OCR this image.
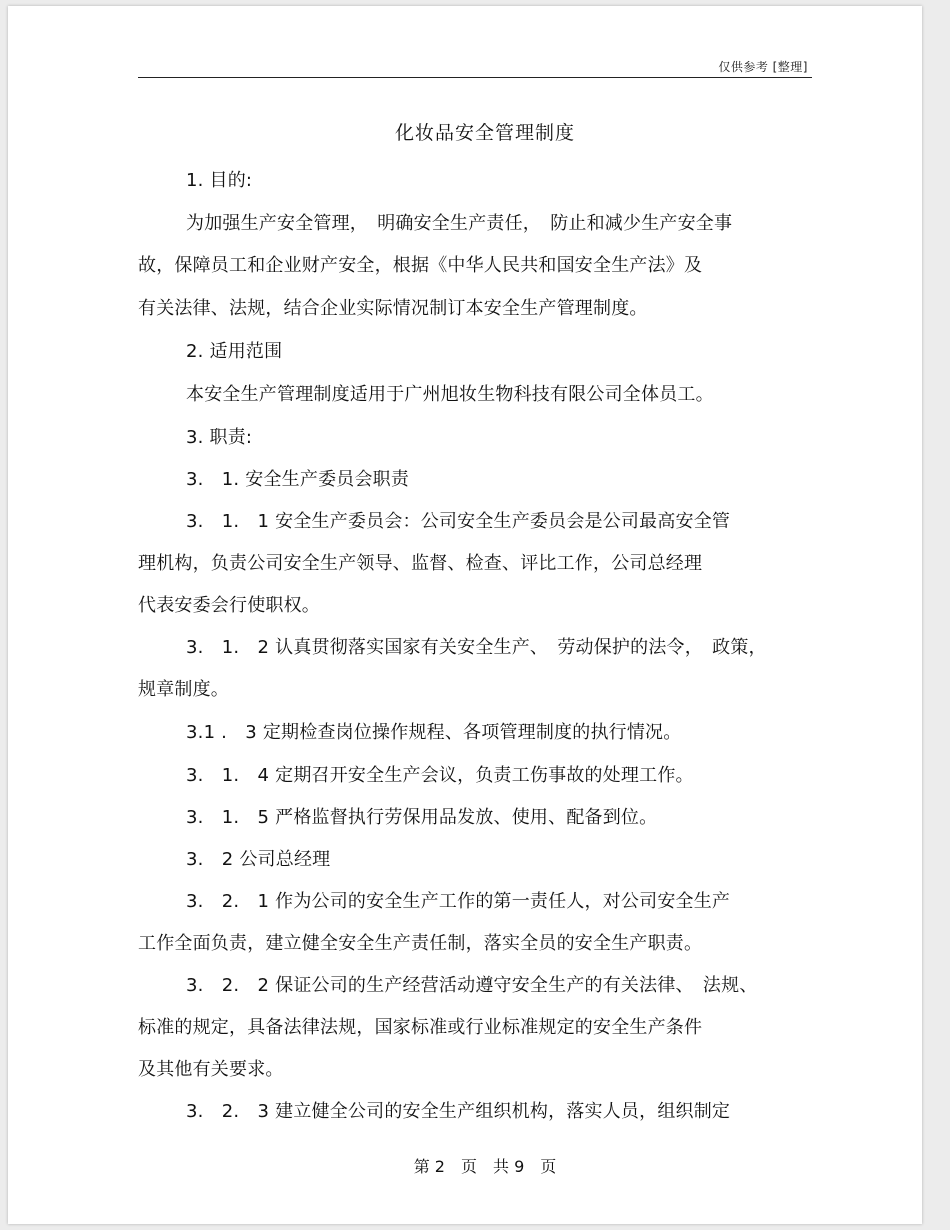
仅供参考 [整理]
化妆品安全管理制度
1. 目的:
为加强生产安全管理，　明确安全生产责任，　防止和减少生产安全事
故，保障员工和企业财产安全，根据《中华人民共和国安全生产法》及
有关法律、法规，结合企业实际情况制订本安全生产管理制度。
2. 适用范围
本安全生产管理制度适用于广州旭妆生物科技有限公司全体员工。
3. 职责:
3.　1. 安全生产委员会职责
3.　1.　1 安全生产委员会：公司安全生产委员会是公司最高安全管
理机构，负责公司安全生产领导、监督、检查、评比工作，公司总经理
代表安委会行使职权。
3.　1.　2 认真贯彻落实国家有关安全生产、　劳动保护的法令，　政策，
规章制度。
3.1 .　3 定期检查岗位操作规程、各项管理制度的执行情况。
3.　1.　4 定期召开安全生产会议，负责工伤事故的处理工作。
3.　1.　5 严格监督执行劳保用品发放、使用、配备到位。
3.　2 公司总经理
3.　2.　1 作为公司的安全生产工作的第一责任人，对公司安全生产
工作全面负责，建立健全安全生产责任制，落实全员的安全生产职责。
3.　2.　2 保证公司的生产经营活动遵守安全生产的有关法律、　法规、
标准的规定，具备法律法规，国家标准或行业标准规定的安全生产条件
及其他有关要求。
3.　2.　3 建立健全公司的安全生产组织机构，落实人员，组织制定
第 2　页　共 9　页
